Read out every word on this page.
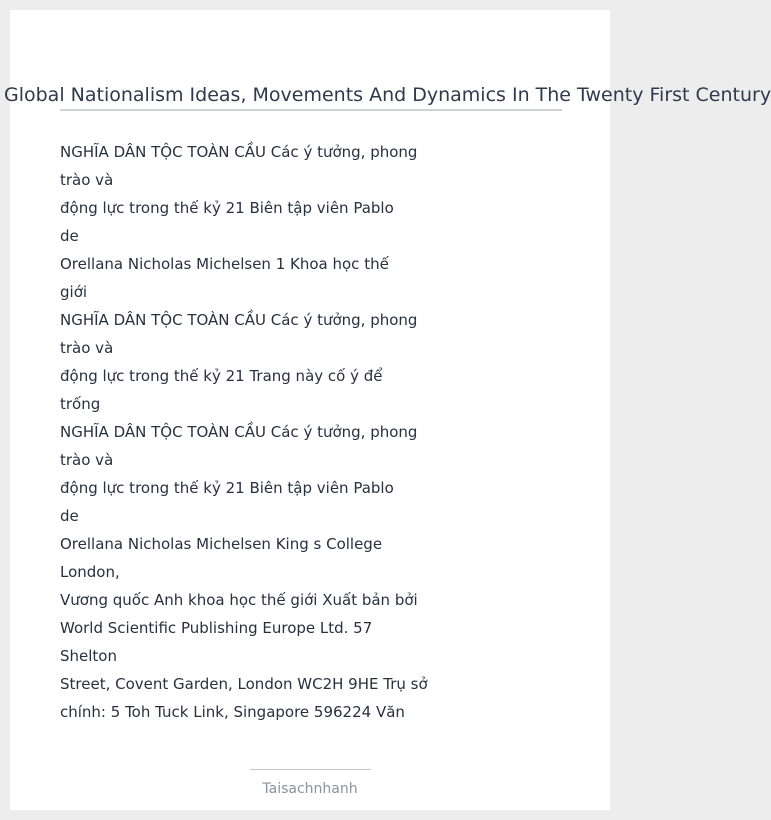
Global Nationalism Ideas, Movements And Dynamics In The Twenty First Century
NGHĨA DÂN TỘC TOÀN CẦU Các ý tưởng, phong
trào và
động lực trong thế kỷ 21 Biên tập viên Pablo
de
Orellana Nicholas Michelsen 1 Khoa học thế
giới
NGHĨA DÂN TỘC TOÀN CẦU Các ý tưởng, phong
trào và
động lực trong thế kỷ 21 Trang này cố ý để
trống
NGHĨA DÂN TỘC TOÀN CẦU Các ý tưởng, phong
trào và
động lực trong thế kỷ 21 Biên tập viên Pablo
de
Orellana Nicholas Michelsen King s College
London,
Vương quốc Anh khoa học thế giới Xuất bản bởi
World Scientific Publishing Europe Ltd. 57
Shelton
Street, Covent Garden, London WC2H 9HE Trụ sở
chính: 5 Toh Tuck Link, Singapore 596224 Văn
Taisachnhanh
